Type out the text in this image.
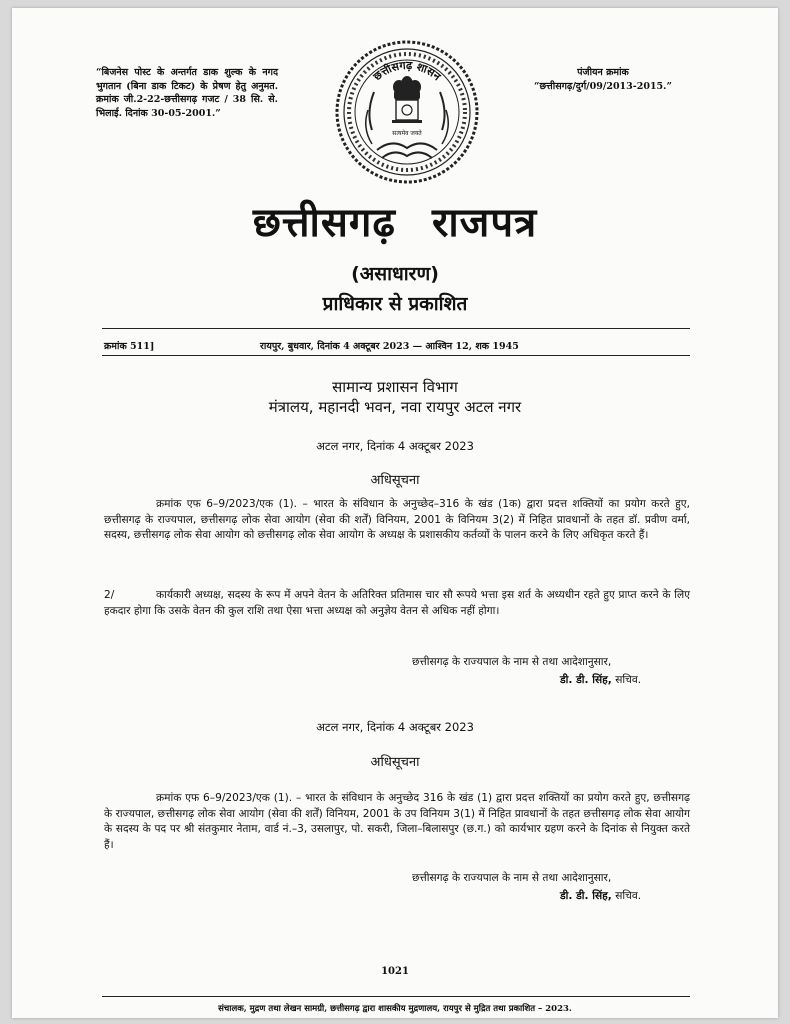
“बिजनेस पोस्ट के अन्तर्गत डाक शुल्क के नगद भुगतान (बिना डाक टिकट) के प्रेषण हेतु अनुमत. क्रमांक जी.2-22-छत्तीसगढ़ गजट / 38 सि. से. भिलाई. दिनांक 30-05-2001.”
पंजीयन क्रमांक
“छत्तीसगढ़/दुर्ग/09/2013-2015.”
छत्तीसगढ़ शासन
सत्यमेव जयते
छत्तीसगढ़ राजपत्र
(असाधारण)
प्राधिकार से प्रकाशित
क्रमांक 511]	रायपुर, बुधवार, दिनांक 4 अक्टूबर 2023 — आश्विन 12, शक 1945
सामान्य प्रशासन विभाग
मंत्रालय, महानदी भवन, नवा रायपुर अटल नगर
अटल नगर, दिनांक 4 अक्टूबर 2023
अधिसूचना
क्रमांक एफ 6–9/2023/एक (1). – भारत के संविधान के अनुच्छेद–316 के खंड (1क) द्वारा प्रदत्त शक्तियों का प्रयोग करते हुए, छत्तीसगढ़ के राज्यपाल, छत्तीसगढ़ लोक सेवा आयोग (सेवा की शर्तें) विनियम, 2001 के विनियम 3(2) में निहित प्रावधानों के तहत डॉ. प्रवीण वर्मा, सदस्य, छत्तीसगढ़ लोक सेवा आयोग को छत्तीसगढ़ लोक सेवा आयोग के अध्यक्ष के प्रशासकीय कर्तव्यों के पालन करने के लिए अधिकृत करते हैं।
2/	कार्यकारी अध्यक्ष, सदस्य के रूप में अपने वेतन के अतिरिक्त प्रतिमास चार सौ रूपये भत्ता इस शर्त के अध्यधीन रहते हुए प्राप्त करने के लिए हकदार होगा कि उसके वेतन की कुल राशि तथा ऐसा भत्ता अध्यक्ष को अनुज्ञेय वेतन से अधिक नहीं होगा।
छत्तीसगढ़ के राज्यपाल के नाम से तथा आदेशानुसार,
डी. डी. सिंह, सचिव.
अटल नगर, दिनांक 4 अक्टूबर 2023
अधिसूचना
क्रमांक एफ 6–9/2023/एक (1). – भारत के संविधान के अनुच्छेद 316 के खंड (1) द्वारा प्रदत्त शक्तियों का प्रयोग करते हुए, छत्तीसगढ़ के राज्यपाल, छत्तीसगढ़ लोक सेवा आयोग (सेवा की शर्तें) विनियम, 2001 के उप विनियम 3(1) में निहित प्रावधानों के तहत छत्तीसगढ़ लोक सेवा आयोग के सदस्य के पद पर श्री संतकुमार नेताम, वार्ड नं.–3, उसलापुर, पो. सकरी, जिला–बिलासपुर (छ.ग.) को कार्यभार ग्रहण करने के दिनांक से नियुक्त करते हैं।
छत्तीसगढ़ के राज्यपाल के नाम से तथा आदेशानुसार,
डी. डी. सिंह, सचिव.
1021
संचालक, मुद्रण तथा लेखन सामग्री, छत्तीसगढ़ द्वारा शासकीय मुद्रणालय, रायपुर से मुद्रित तथा प्रकाशित – 2023.
